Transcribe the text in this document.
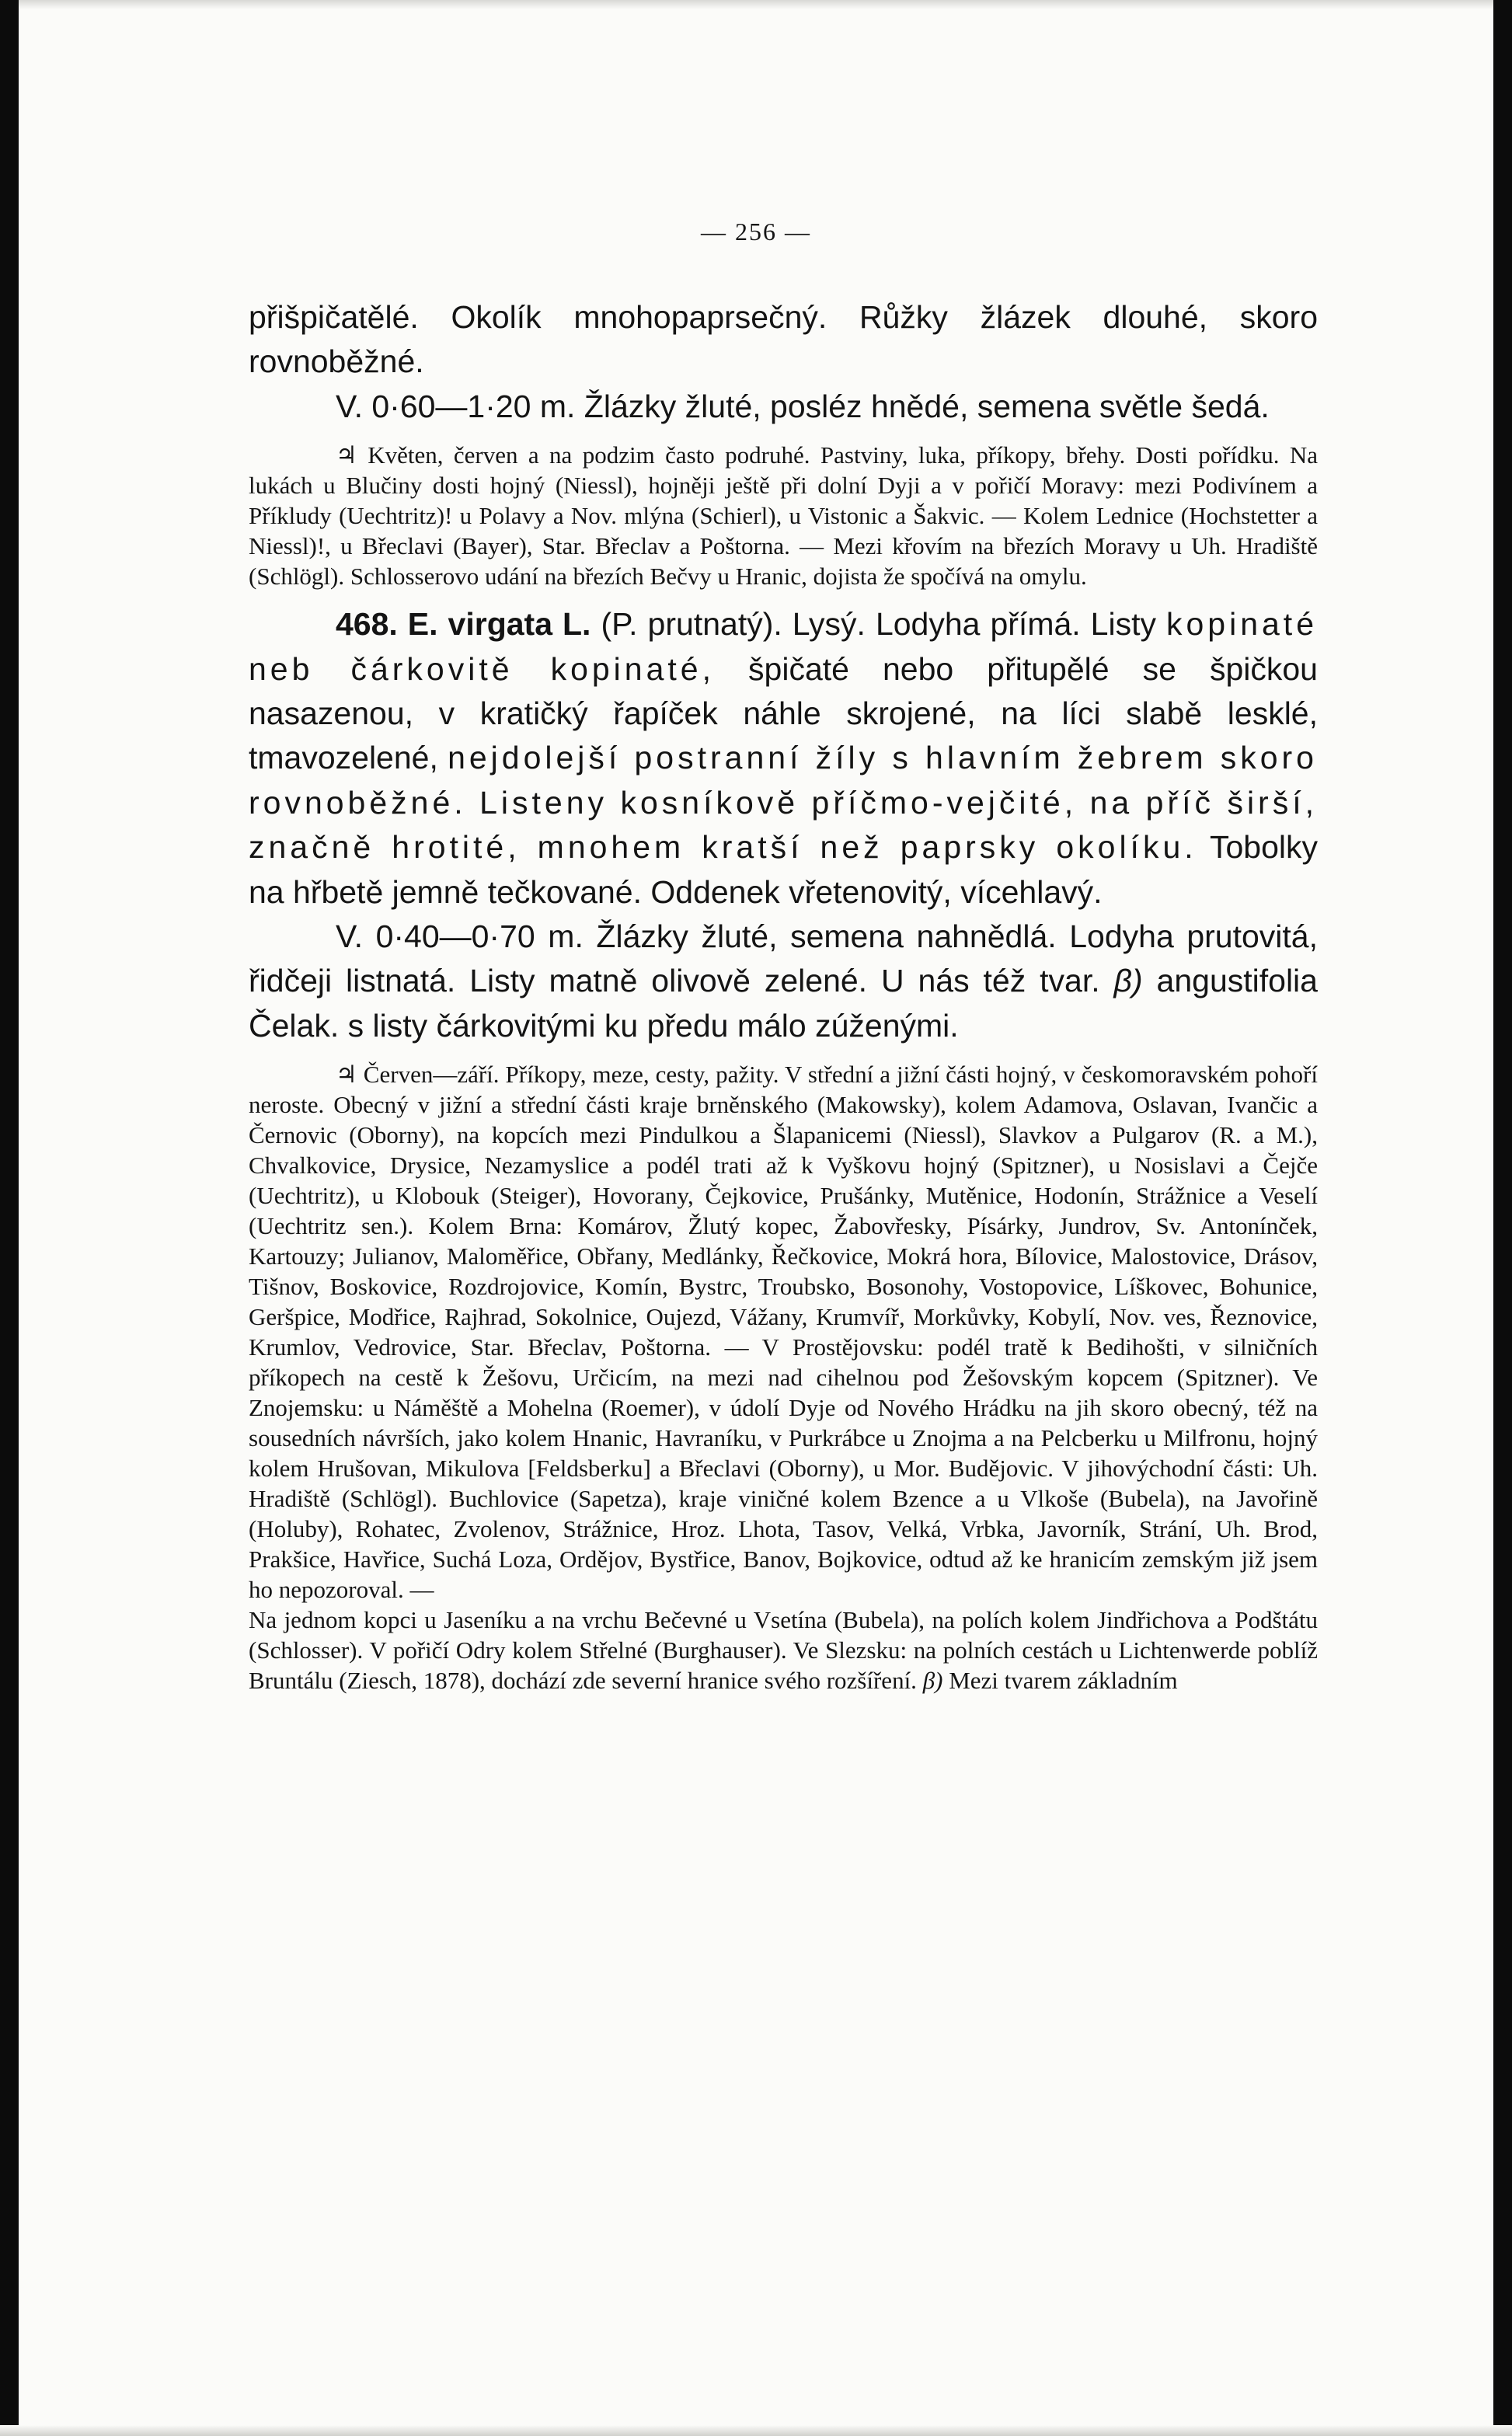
— 256 —

přišpičatělé. Okolík mnohopaprsečný. Růžky žlázek dlouhé, skoro rovnoběžné.

V. 0·60—1·20 m. Žlázky žluté, posléz hnědé, semena světle šedá.

♃ Květen, červen a na podzim často podruhé. Pastviny, luka, příkopy, břehy. Dosti pořídku. Na lukách u Blučiny dosti hojný (Niessl), hojněji ještě při dolní Dyji a v pořičí Moravy: mezi Podivínem a Příkludy (Uechtritz)! u Polavy a Nov. mlýna (Schierl), u Vistonic a Šakvic. — Kolem Lednice (Hochstetter a Niessl)!, u Břeclavi (Bayer), Star. Břeclav a Poštorna. — Mezi křovím na březích Moravy u Uh. Hradiště (Schlögl). Schlosserovo udání na březích Bečvy u Hranic, dojista že spočívá na omylu.

468. E. virgata L. (P. prutnatý). Lysý. Lodyha přímá. Listy kopinaté neb čárkovitě kopinaté, špičaté nebo přitupělé se špičkou nasazenou, v kratičký řapíček náhle skrojené, na líci slabě lesklé, tmavozelené, nejdolejší postranní žíly s hlavním žebrem skoro rovnoběžné. Listeny kosníkovĕ příčmo-vejčité, na příč širší, značně hrotité, mnohem kratší než paprsky okolíku. Tobolky na hřbetě jemně tečkované. Oddenek vřetenovitý, vícehlavý.

V. 0·40—0·70 m. Žlázky žluté, semena nahnědlá. Lodyha prutovitá, řidčeji listnatá. Listy matně olivově zelené. U nás též tvar. β) angustifolia Čelak. s listy čárkovitými ku předu málo zúženými.

♃ Červen—září. Příkopy, meze, cesty, pažity. V střední a jižní části hojný, v českomoravském pohoří neroste. Obecný v jižní a střední části kraje brněnského (Makowsky), kolem Adamova, Oslavan, Ivančic a Černovic (Oborny), na kopcích mezi Pindulkou a Šlapanicemi (Niessl), Slavkov a Pulgarov (R. a M.), Chvalkovice, Drysice, Nezamyslice a podél trati až k Vyškovu hojný (Spitzner), u Nosislavi a Čejče (Uechtritz), u Klobouk (Steiger), Hovorany, Čejkovice, Prušánky, Mutěnice, Hodonín, Strážnice a Veselí (Uechtritz sen.). Kolem Brna: Komárov, Žlutý kopec, Žabovřesky, Písárky, Jundrov, Sv. Antonínček, Kartouzy; Julianov, Maloměřice, Obřany, Medlánky, Řečkovice, Mokrá hora, Bílovice, Malostovice, Drásov, Tišnov, Boskovice, Rozdrojovice, Komín, Bystrc, Troubsko, Bosonohy, Vostopovice, Líškovec, Bohunice, Geršpice, Modřice, Rajhrad, Sokolnice, Oujezd, Vážany, Krumvíř, Morkůvky, Kobylí, Nov. ves, Řeznovice, Krumlov, Vedrovice, Star. Břeclav, Poštorna. — V Prostějovsku: podél tratě k Bedihošti, v silničních příkopech na cestě k Žešovu, Určicím, na mezi nad cihelnou pod Žešovským kopcem (Spitzner). Ve Znojemsku: u Náměště a Mohelna (Roemer), v údolí Dyje od Nového Hrádku na jih skoro obecný, též na sousedních návrších, jako kolem Hnanic, Havraníku, v Purkrábce u Znojma a na Pelcberku u Milfronu, hojný kolem Hrušovan, Mikulova [Feldsberku] a Břeclavi (Oborny), u Mor. Budějovic. V jihovýchodní části: Uh. Hradiště (Schlögl). Buchlovice (Sapetza), kraje viničné kolem Bzence a u Vlkoše (Bubela), na Javořině (Holuby), Rohatec, Zvolenov, Strážnice, Hroz. Lhota, Tasov, Velká, Vrbka, Javorník, Strání, Uh. Brod, Prakšice, Havřice, Suchá Loza, Ordějov, Bystřice, Banov, Bojkovice, odtud až ke hranicím zemským již jsem ho nepozoroval. —

Na jednom kopci u Jaseníku a na vrchu Bečevné u Vsetína (Bubela), na polích kolem Jindřichova a Podštátu (Schlosser). V pořičí Odry kolem Střelné (Burghauser). Ve Slezsku: na polních cestách u Lichtenwerde poblíž Bruntálu (Ziesch, 1878), dochází zde severní hranice svého rozšíření. β) Mezi tvarem základním
